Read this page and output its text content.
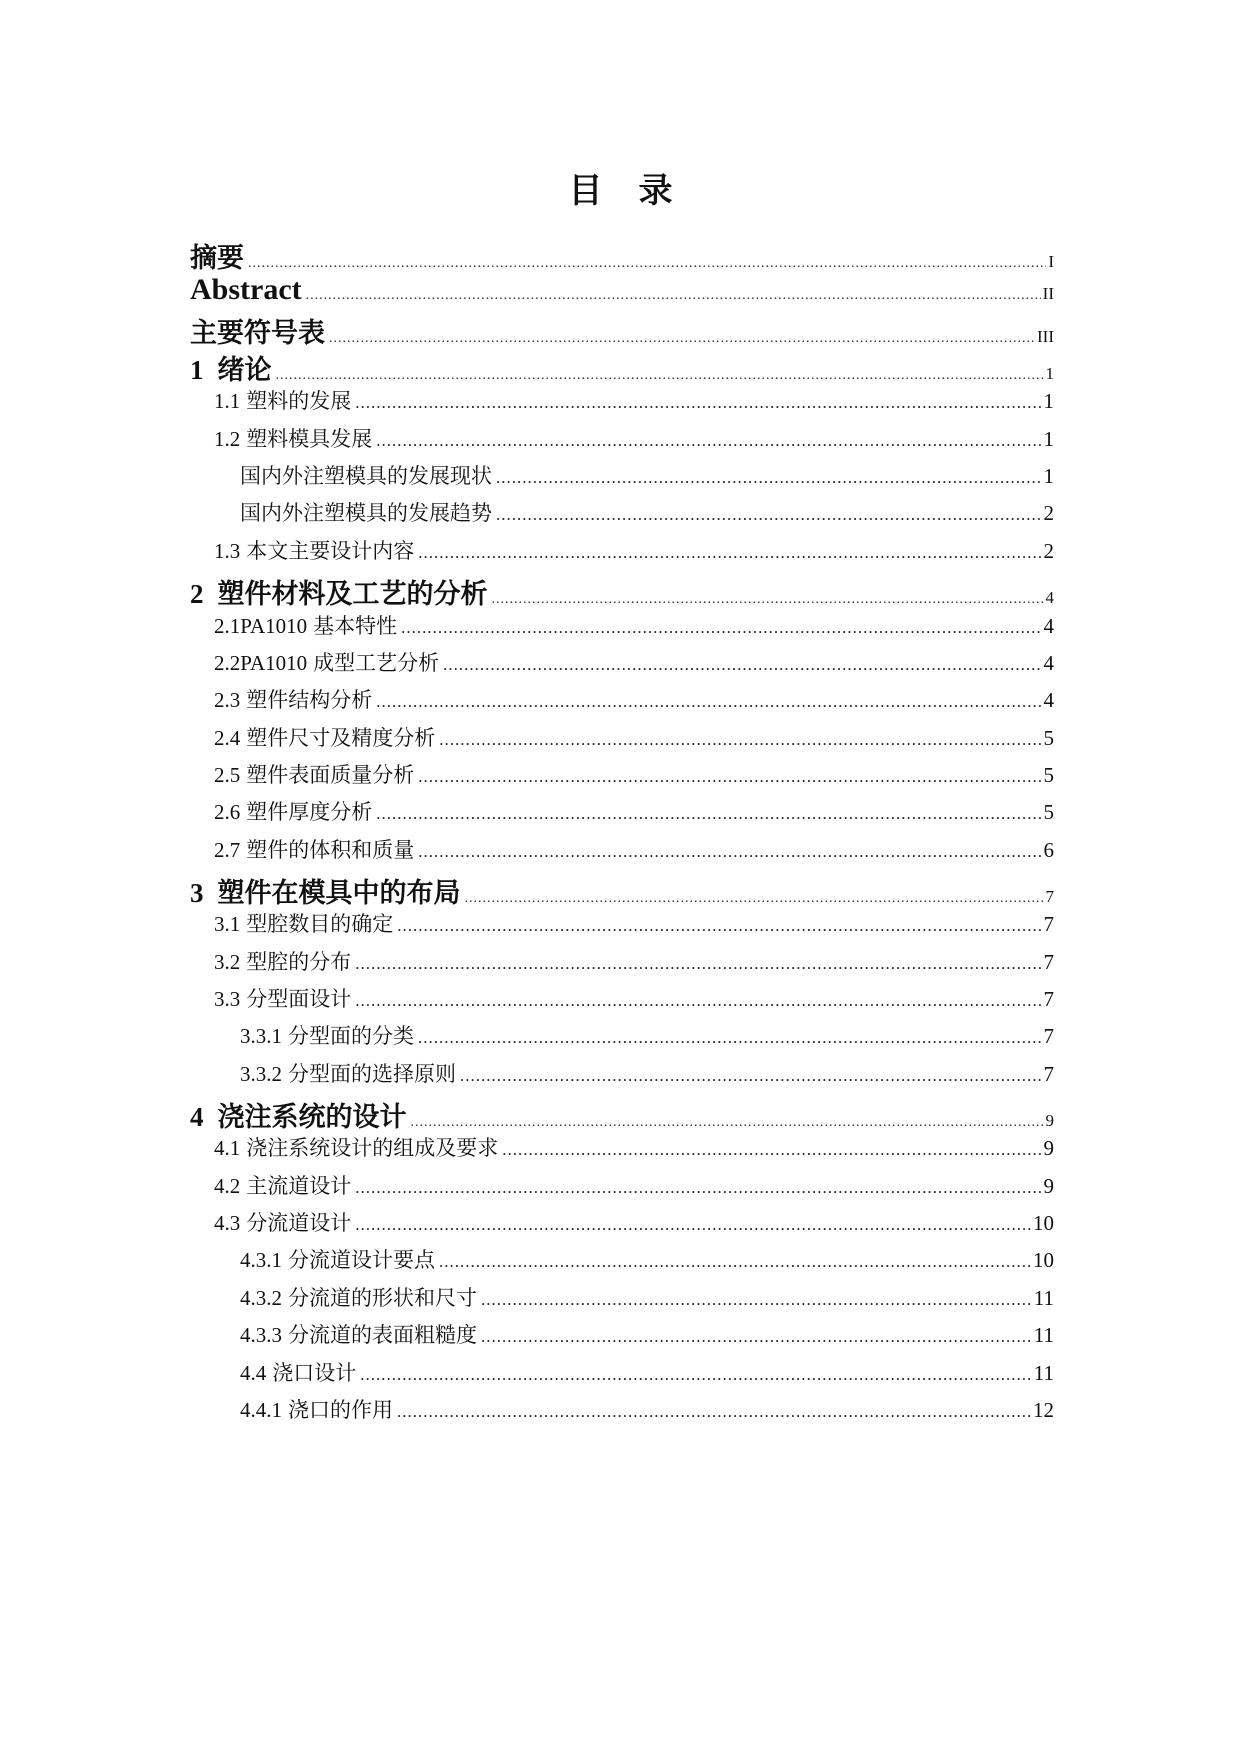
目 录
摘要 .....	I
Abstract .....	II
主要符号表 .....	III
1 绪论 .....	1
1.1 塑料的发展 .....	1
1.2 塑料模具发展 .....	1
国内外注塑模具的发展现状 .....	1
国内外注塑模具的发展趋势 .....	2
1.3 本文主要设计内容 .....	2
2 塑件材料及工艺的分析 .....	4
2.1PA1010 基本特性 .....	4
2.2PA1010 成型工艺分析 .....	4
2.3 塑件结构分析 .....	4
2.4 塑件尺寸及精度分析 .....	5
2.5 塑件表面质量分析 .....	5
2.6 塑件厚度分析 .....	5
2.7 塑件的体积和质量 .....	6
3 塑件在模具中的布局 .....	7
3.1 型腔数目的确定 .....	7
3.2 型腔的分布 .....	7
3.3 分型面设计 .....	7
3.3.1 分型面的分类 .....	7
3.3.2 分型面的选择原则 .....	7
4 浇注系统的设计 .....	9
4.1 浇注系统设计的组成及要求 .....	9
4.2 主流道设计 .....	9
4.3 分流道设计 .....	10
4.3.1 分流道设计要点 .....	10
4.3.2 分流道的形状和尺寸 .....	11
4.3.3 分流道的表面粗糙度 .....	11
4.4 浇口设计 .....	11
4.4.1 浇口的作用 .....	12
